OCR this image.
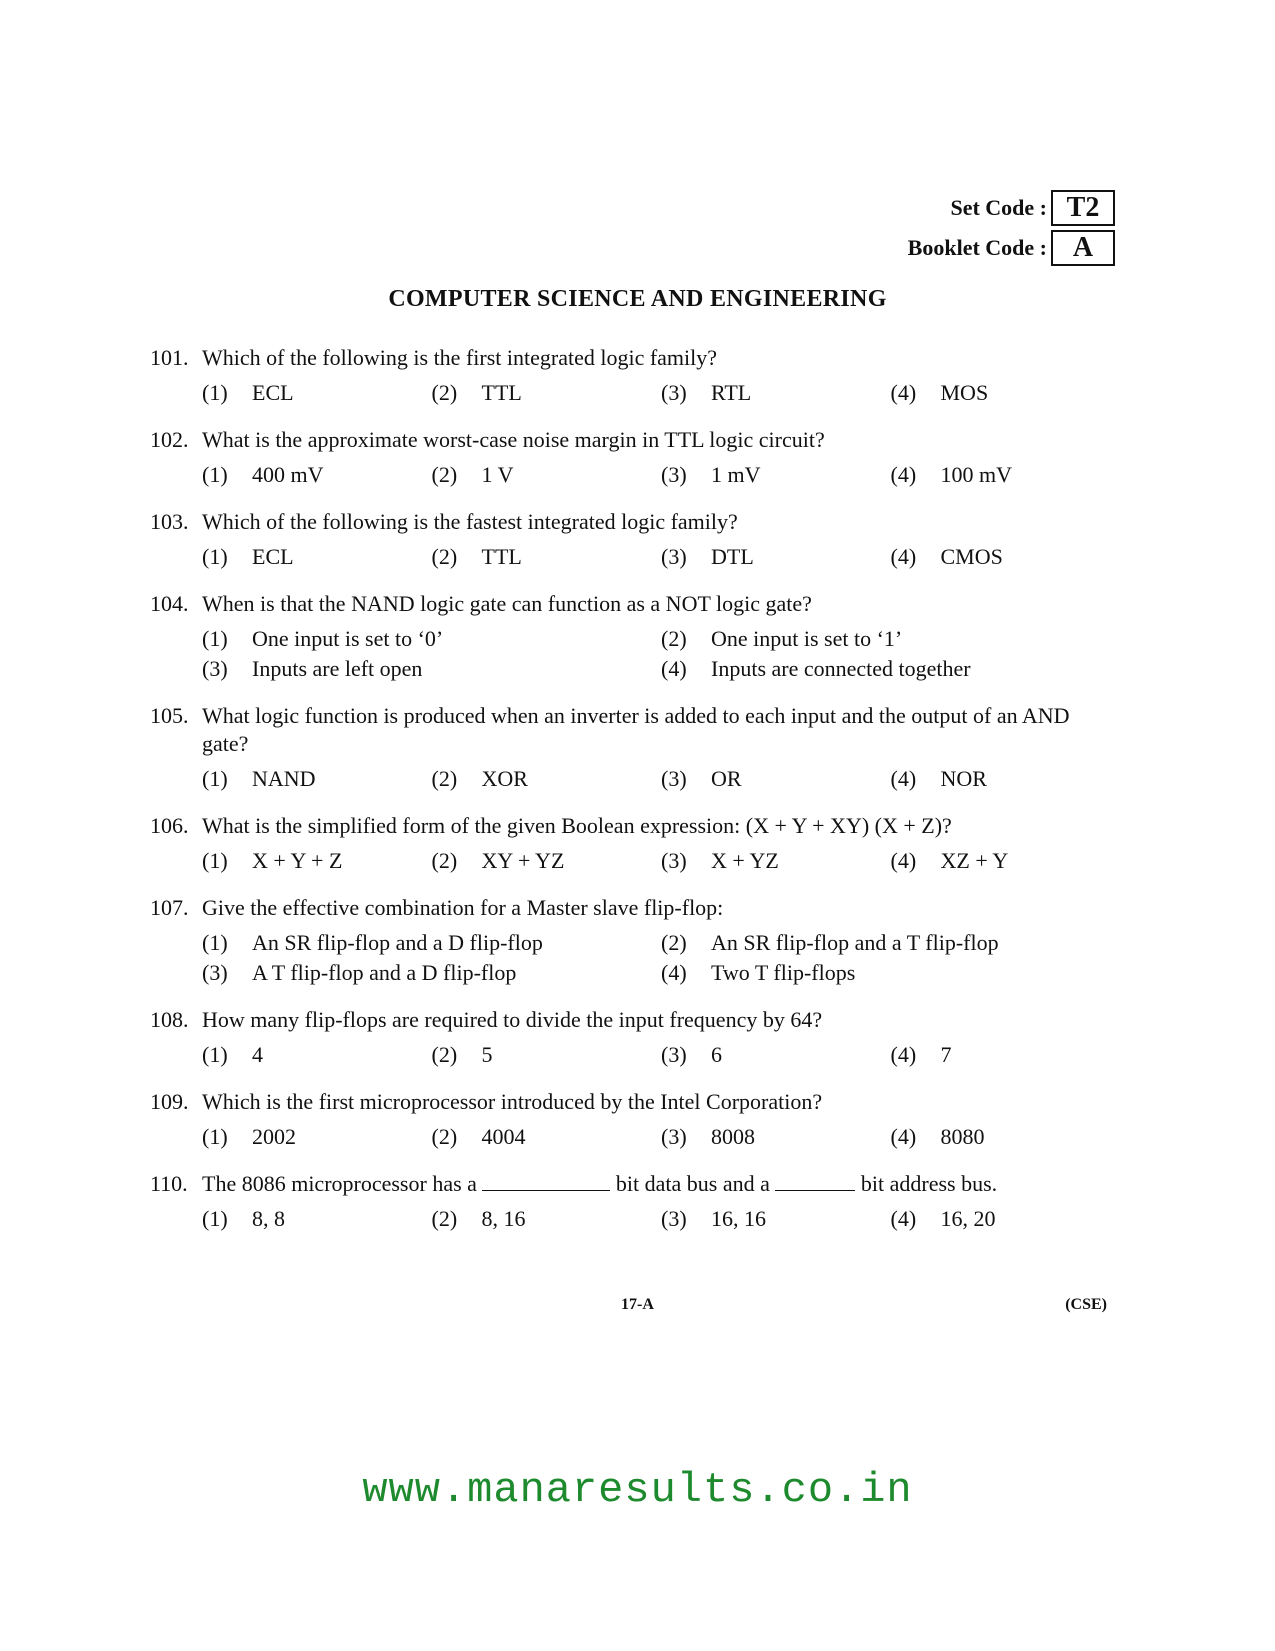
Set Code : T2
Booklet Code : A
COMPUTER SCIENCE AND ENGINEERING
101. Which of the following is the first integrated logic family?
(1)	ECL	(2)	TTL	(3)	RTL	(4)	MOS
102. What is the approximate worst-case noise margin in TTL logic circuit?
(1)	400 mV	(2)	1 V	(3)	1 mV	(4)	100 mV
103. Which of the following is the fastest integrated logic family?
(1)	ECL	(2)	TTL	(3)	DTL	(4)	CMOS
104. When is that the NAND logic gate can function as a NOT logic gate?
(1)	One input is set to ‘0’	(2)	One input is set to ‘1’
(3)	Inputs are left open	(4)	Inputs are connected together
105. What logic function is produced when an inverter is added to each input and the output of an AND gate?
(1)	NAND	(2)	XOR	(3)	OR	(4)	NOR
106. What is the simplified form of the given Boolean expression: (X + Y + XY) (X + Z)?
(1)	X + Y + Z	(2)	XY + YZ	(3)	X + YZ	(4)	XZ + Y
107. Give the effective combination for a Master slave flip-flop:
(1)	An SR flip-flop and a D flip-flop	(2)	An SR flip-flop and a T flip-flop
(3)	A T flip-flop and a D flip-flop	(4)	Two T flip-flops
108. How many flip-flops are required to divide the input frequency by 64?
(1)	4	(2)	5	(3)	6	(4)	7
109. Which is the first microprocessor introduced by the Intel Corporation?
(1)	2002	(2)	4004	(3)	8008	(4)	8080
110. The 8086 microprocessor has a	bit data bus and a	bit address bus.
(1)	8, 8	(2)	8, 16	(3)	16, 16	(4)	16, 20
17-A	(CSE)
www.manaresults.co.in
